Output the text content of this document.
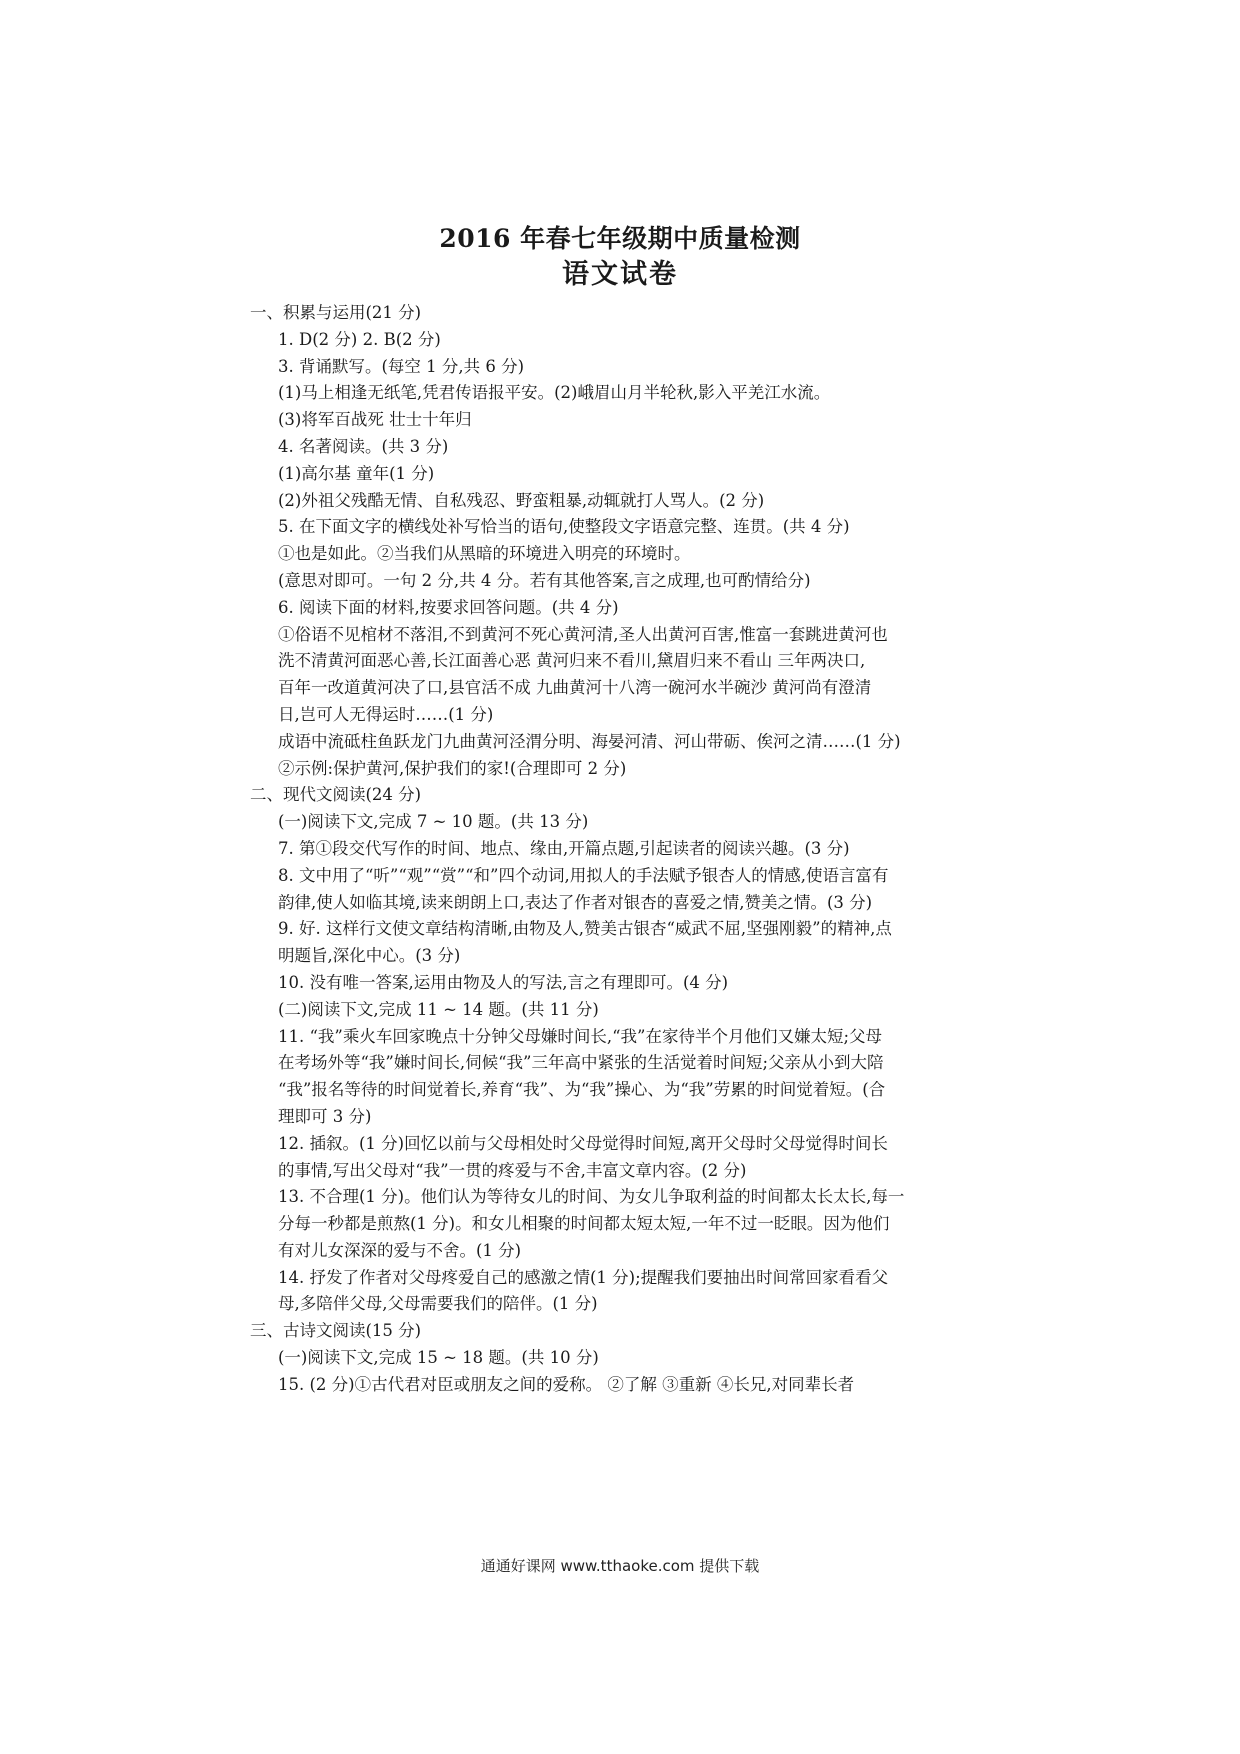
2016 年春七年级期中质量检测
语文试卷
一、积累与运用(21 分)
1. D(2 分) 2. B(2 分)
3. 背诵默写。(每空 1 分,共 6 分)
(1)马上相逢无纸笔,凭君传语报平安。(2)峨眉山月半轮秋,影入平羌江水流。
(3)将军百战死 壮士十年归
4. 名著阅读。(共 3 分)
(1)高尔基 童年(1 分)
(2)外祖父残酷无情、自私残忍、野蛮粗暴,动辄就打人骂人。(2 分)
5. 在下面文字的横线处补写恰当的语句,使整段文字语意完整、连贯。(共 4 分)
①也是如此。②当我们从黑暗的环境进入明亮的环境时。
(意思对即可。一句 2 分,共 4 分。若有其他答案,言之成理,也可酌情给分)
6. 阅读下面的材料,按要求回答问题。(共 4 分)
①俗语不见棺材不落泪,不到黄河不死心黄河清,圣人出黄河百害,惟富一套跳进黄河也
洗不清黄河面恶心善,长江面善心恶 黄河归来不看川,黛眉归来不看山 三年两决口,
百年一改道黄河决了口,县官活不成 九曲黄河十八湾一碗河水半碗沙 黄河尚有澄清
日,岂可人无得运时……(1 分)
成语中流砥柱鱼跃龙门九曲黄河泾渭分明、海晏河清、河山带砺、俟河之清……(1 分)
②示例:保护黄河,保护我们的家!(合理即可 2 分)
二、现代文阅读(24 分)
(一)阅读下文,完成 7 ~ 10 题。(共 13 分)
7. 第①段交代写作的时间、地点、缘由,开篇点题,引起读者的阅读兴趣。(3 分)
8. 文中用了“听”“观”“赏”“和”四个动词,用拟人的手法赋予银杏人的情感,使语言富有
韵律,使人如临其境,读来朗朗上口,表达了作者对银杏的喜爱之情,赞美之情。(3 分)
9. 好. 这样行文使文章结构清晰,由物及人,赞美古银杏“威武不屈,坚强刚毅”的精神,点
明题旨,深化中心。(3 分)
10. 没有唯一答案,运用由物及人的写法,言之有理即可。(4 分)
(二)阅读下文,完成 11 ~ 14 题。(共 11 分)
11. “我”乘火车回家晚点十分钟父母嫌时间长,“我”在家待半个月他们又嫌太短;父母
在考场外等“我”嫌时间长,伺候“我”三年高中紧张的生活觉着时间短;父亲从小到大陪
“我”报名等待的时间觉着长,养育“我”、为“我”操心、为“我”劳累的时间觉着短。(合
理即可 3 分)
12. 插叙。(1 分)回忆以前与父母相处时父母觉得时间短,离开父母时父母觉得时间长
的事情,写出父母对“我”一贯的疼爱与不舍,丰富文章内容。(2 分)
13. 不合理(1 分)。他们认为等待女儿的时间、为女儿争取利益的时间都太长太长,每一
分每一秒都是煎熬(1 分)。和女儿相聚的时间都太短太短,一年不过一眨眼。因为他们
有对儿女深深的爱与不舍。(1 分)
14. 抒发了作者对父母疼爱自己的感激之情(1 分);提醒我们要抽出时间常回家看看父
母,多陪伴父母,父母需要我们的陪伴。(1 分)
三、古诗文阅读(15 分)
(一)阅读下文,完成 15 ~ 18 题。(共 10 分)
15. (2 分)①古代君对臣或朋友之间的爱称。 ②了解 ③重新 ④长兄,对同辈长者
通通好课网 www.tthaoke.com 提供下载
